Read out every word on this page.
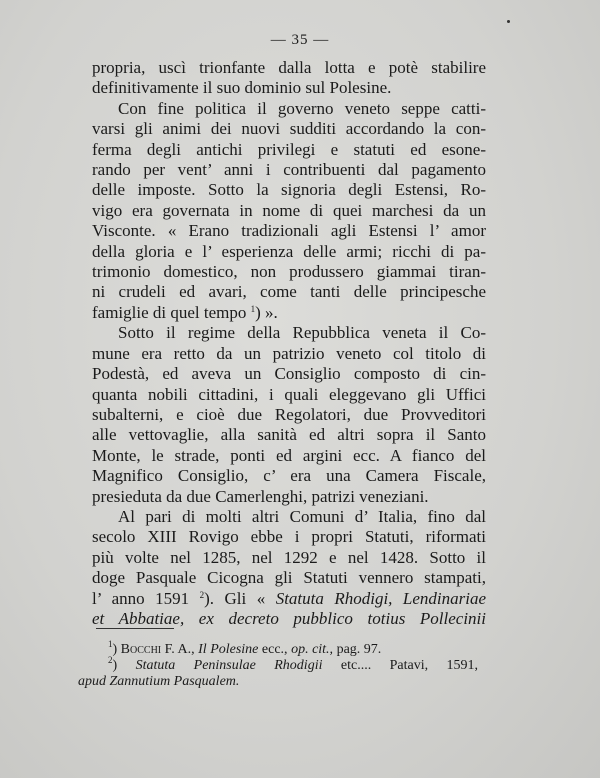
— 35 —
propria, uscì trionfante dalla lotta e potè stabilire
definitivamente il suo dominio sul Polesine.
Con fine politica il governo veneto seppe catti-
varsi gli animi dei nuovi sudditi accordando la con-
ferma degli antichi privilegi e statuti ed esone-
rando per vent’ anni i contribuenti dal pagamento
delle imposte. Sotto la signoria degli Estensi, Ro-
vigo era governata in nome di quei marchesi da un
Visconte. « Erano tradizionali agli Estensi l’ amor
della gloria e l’ esperienza delle armi; ricchi di pa-
trimonio domestico, non produssero giammai tiran-
ni crudeli ed avari, come tanti delle principesche
famiglie di quel tempo $^1$) ».
Sotto il regime della Repubblica veneta il Co-
mune era retto da un patrizio veneto col titolo di
Podestà, ed aveva un Consiglio composto di cin-
quanta nobili cittadini, i quali eleggevano gli Uffici
subalterni, e cioè due Regolatori, due Provveditori
alle vettovaglie, alla sanità ed altri sopra il Santo
Monte, le strade, ponti ed argini ecc. A fianco del
Magnifico Consiglio, c’ era una Camera Fiscale,
presieduta da due Camerlenghi, patrizi veneziani.
Al pari di molti altri Comuni d’ Italia, fino dal
secolo XIII Rovigo ebbe i propri Statuti, riformati
più volte nel 1285, nel 1292 e nel 1428. Sotto il
doge Pasquale Cicogna gli Statuti vennero stampati,
l’ anno 1591 $^2$). Gli « Statuta Rhodigi, Lendinariae
et Abbatiae, ex decreto pubblico totius Pollecinii
$^1$) Bocchi F. A., Il Polesine ecc., op. cit., pag. 97.
$^2$) Statuta Peninsulae Rhodigii etc.... Patavi, 1591,
apud Zannutium Pasqualem.
